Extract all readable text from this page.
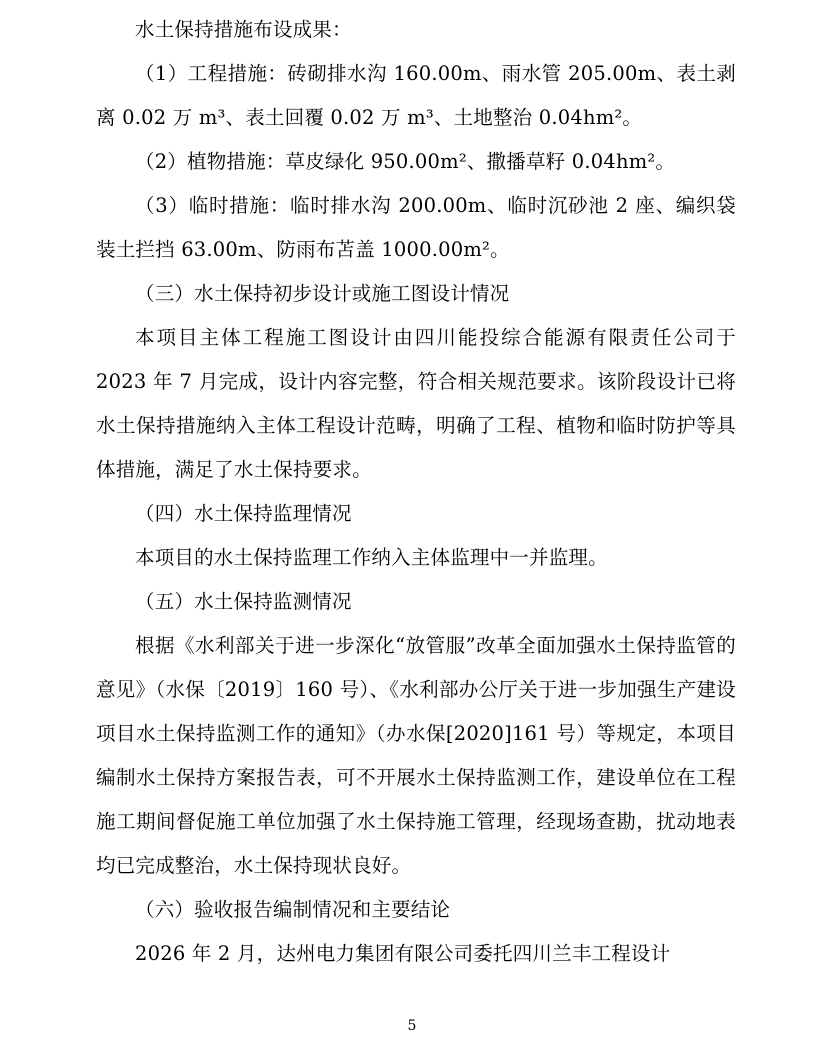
水土保持措施布设成果：

（1）工程措施：砖砌排水沟 160.00m、雨水管 205.00m、表土剥离 0.02 万 m³、表土回覆 0.02 万 m³、土地整治 0.04hm²。

（2）植物措施：草皮绿化 950.00m²、撒播草籽 0.04hm²。

（3）临时措施：临时排水沟 200.00m、临时沉砂池 2 座、编织袋装土拦挡 63.00m、防雨布苫盖 1000.00m²。

（三）水土保持初步设计或施工图设计情况

本项目主体工程施工图设计由四川能投综合能源有限责任公司于 2023 年 7 月完成，设计内容完整，符合相关规范要求。该阶段设计已将水土保持措施纳入主体工程设计范畴，明确了工程、植物和临时防护等具体措施，满足了水土保持要求。

（四）水土保持监理情况

本项目的水土保持监理工作纳入主体监理中一并监理。

（五）水土保持监测情况

根据《水利部关于进一步深化“放管服”改革全面加强水土保持监管的意见》（水保〔2019〕160 号）、《水利部办公厅关于进一步加强生产建设项目水土保持监测工作的通知》（办水保[2020]161 号）等规定，本项目编制水土保持方案报告表，可不开展水土保持监测工作，建设单位在工程施工期间督促施工单位加强了水土保持施工管理，经现场查勘，扰动地表均已完成整治，水土保持现状良好。

（六）验收报告编制情况和主要结论

2026 年 2 月，达州电力集团有限公司委托四川兰丰工程设计

5
